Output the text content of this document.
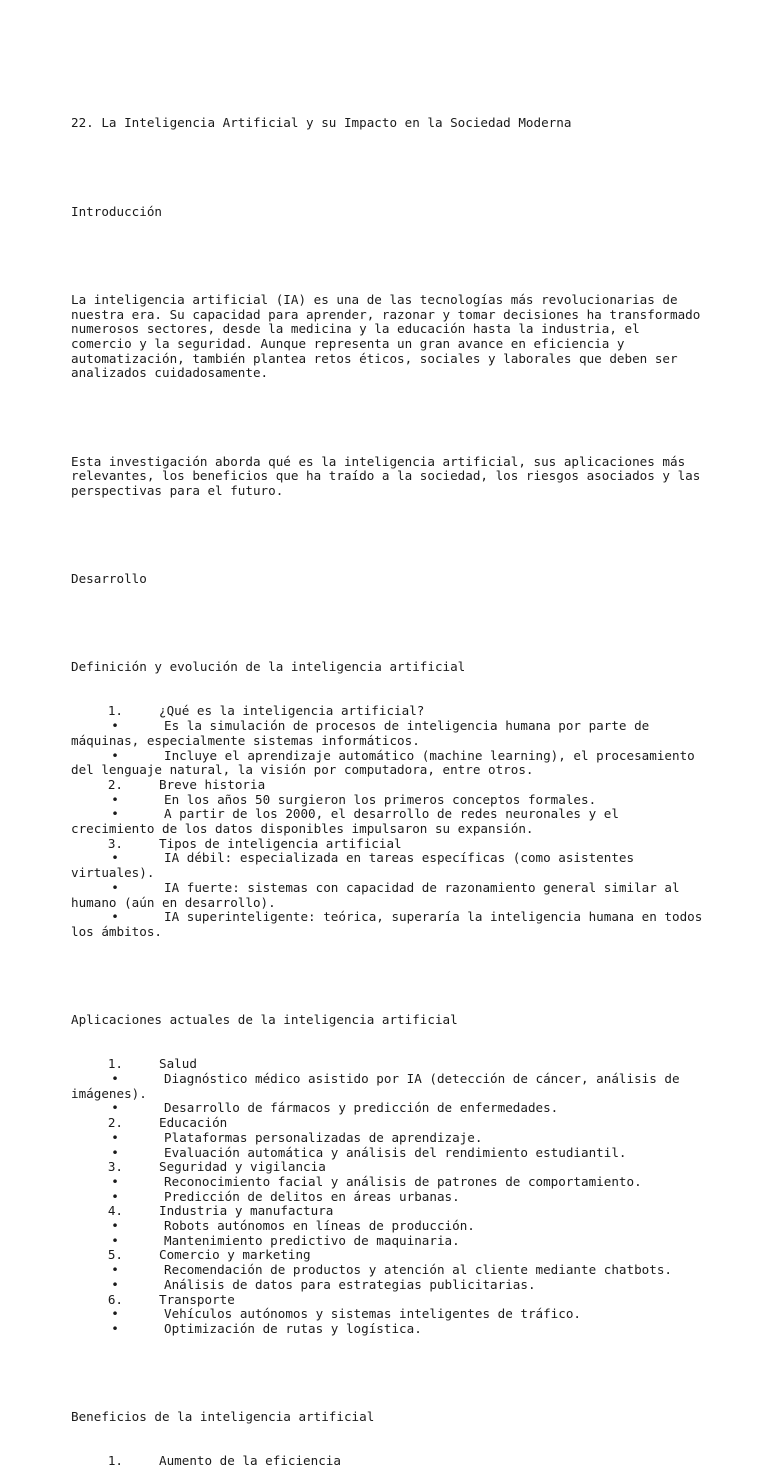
22. La Inteligencia Artificial y su Impacto en la Sociedad Moderna

Introducción

La inteligencia artificial (IA) es una de las tecnologías más revolucionarias de
nuestra era. Su capacidad para aprender, razonar y tomar decisiones ha transformado
numerosos sectores, desde la medicina y la educación hasta la industria, el
comercio y la seguridad. Aunque representa un gran avance en eficiencia y
automatización, también plantea retos éticos, sociales y laborales que deben ser
analizados cuidadosamente.

Esta investigación aborda qué es la inteligencia artificial, sus aplicaciones más
relevantes, los beneficios que ha traído a la sociedad, los riesgos asociados y las
perspectivas para el futuro.

Desarrollo

Definición y evolución de la inteligencia artificial

1.	¿Qué es la inteligencia artificial?
•	Es la simulación de procesos de inteligencia humana por parte de
máquinas, especialmente sistemas informáticos.
•	Incluye el aprendizaje automático (machine learning), el procesamiento
del lenguaje natural, la visión por computadora, entre otros.
2.	Breve historia
•	En los años 50 surgieron los primeros conceptos formales.
•	A partir de los 2000, el desarrollo de redes neuronales y el
crecimiento de los datos disponibles impulsaron su expansión.
3.	Tipos de inteligencia artificial
•	IA débil: especializada en tareas específicas (como asistentes
virtuales).
•	IA fuerte: sistemas con capacidad de razonamiento general similar al
humano (aún en desarrollo).
•	IA superinteligente: teórica, superaría la inteligencia humana en todos
los ámbitos.

Aplicaciones actuales de la inteligencia artificial

1.	Salud
•	Diagnóstico médico asistido por IA (detección de cáncer, análisis de
imágenes).
•	Desarrollo de fármacos y predicción de enfermedades.
2.	Educación
•	Plataformas personalizadas de aprendizaje.
•	Evaluación automática y análisis del rendimiento estudiantil.
3.	Seguridad y vigilancia
•	Reconocimiento facial y análisis de patrones de comportamiento.
•	Predicción de delitos en áreas urbanas.
4.	Industria y manufactura
•	Robots autónomos en líneas de producción.
•	Mantenimiento predictivo de maquinaria.
5.	Comercio y marketing
•	Recomendación de productos y atención al cliente mediante chatbots.
•	Análisis de datos para estrategias publicitarias.
6.	Transporte
•	Vehículos autónomos y sistemas inteligentes de tráfico.
•	Optimización de rutas y logística.

Beneficios de la inteligencia artificial

1.	Aumento de la eficiencia
